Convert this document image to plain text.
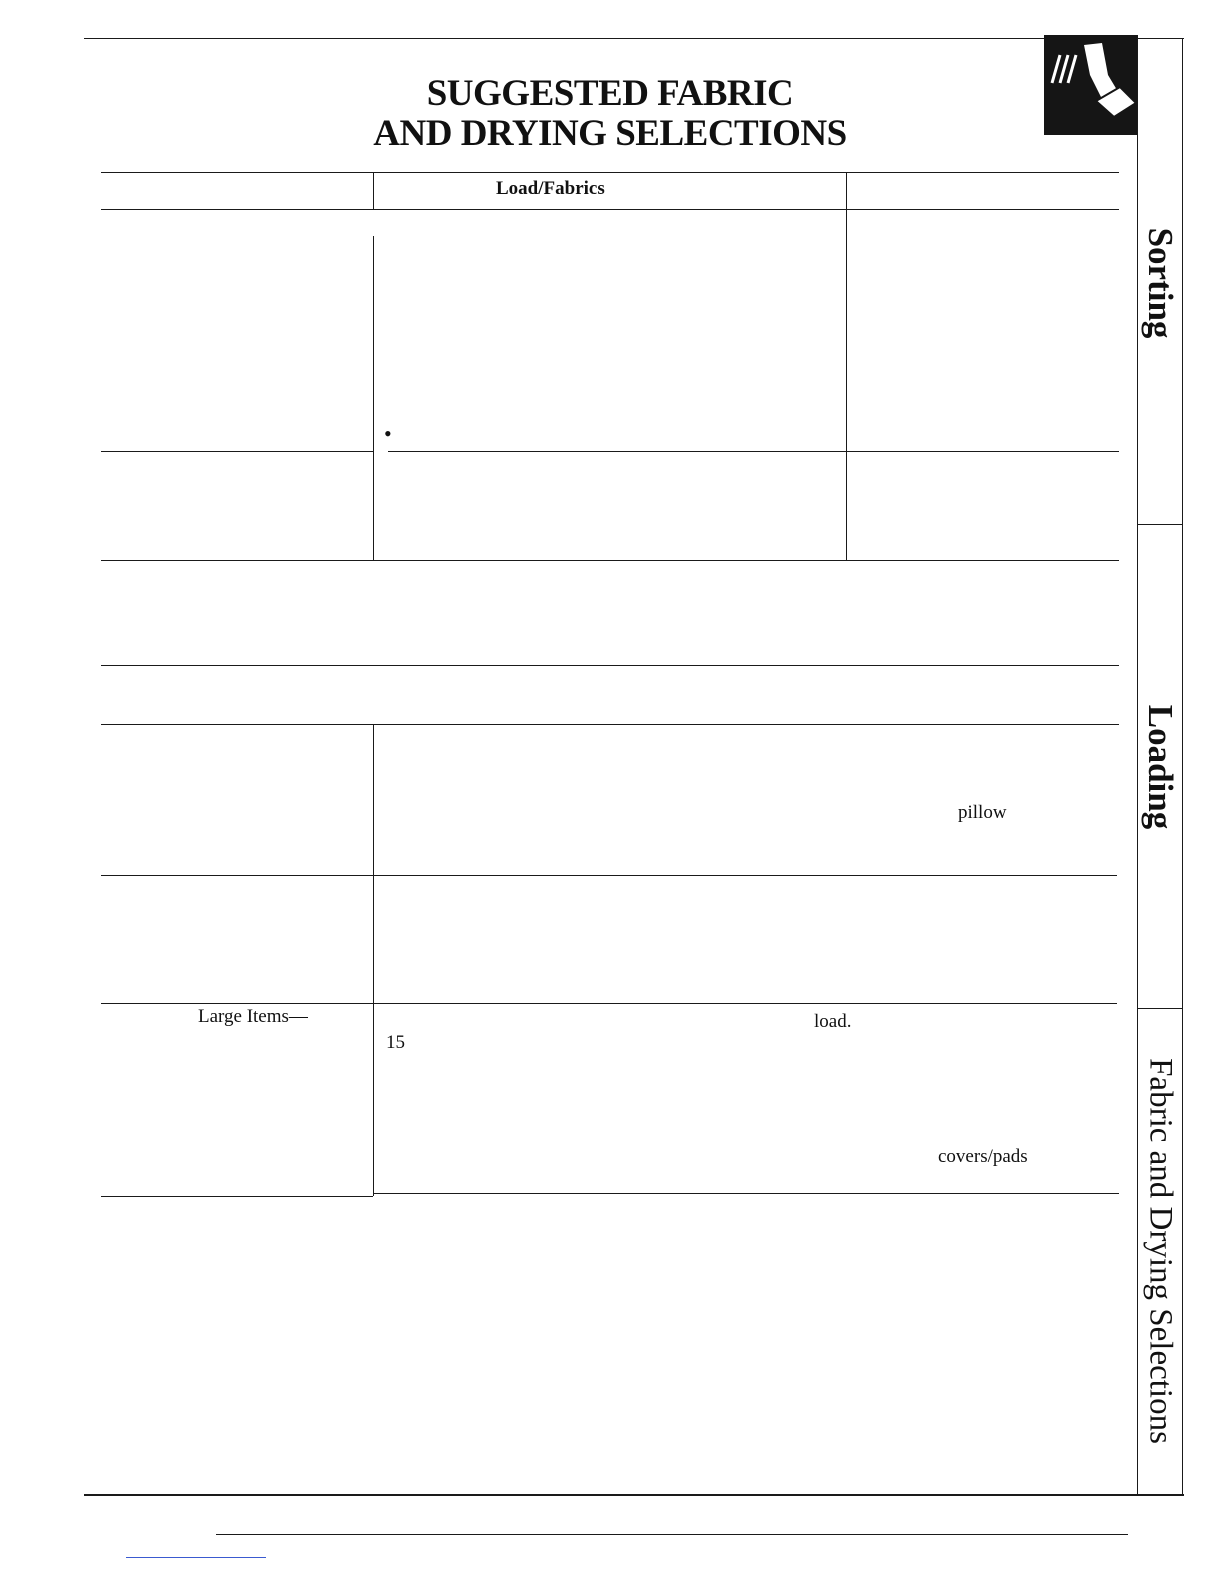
SUGGESTED FABRIC
AND DRYING SELECTIONS
Load/Fabrics
•
pillow
Large Items—	load.
15
covers/pads
Sorting
Loading
Fabric and Drying Selections
